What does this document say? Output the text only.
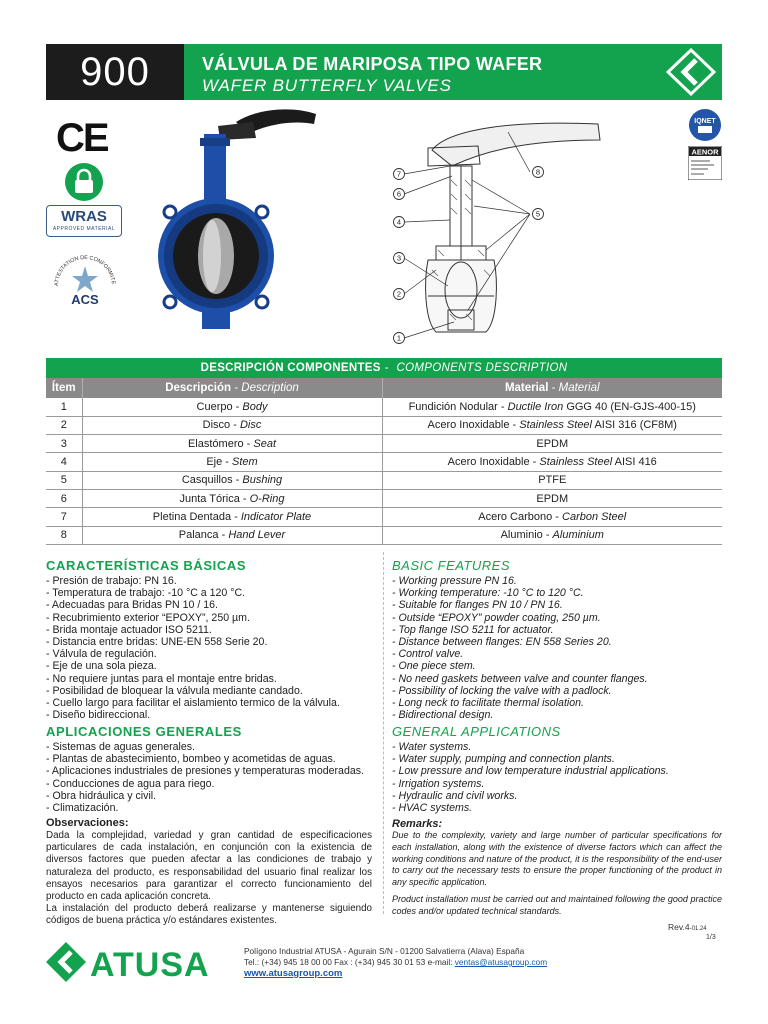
900	VÁLVULA DE MARIPOSA TIPO WAFER
WAFER BUTTERFLY VALVES
CE
WRAS
APPROVED MATERIAL
ATTESTATION DE CONFORMITE
ACS
IQNET
AENOR
7
6
4
3
2
1
5
8
DESCRIPCIÓN COMPONENTES - COMPONENTS DESCRIPTION
Ítem	Descripción - Description	Material - Material
1	Cuerpo - Body	Fundición Nodular - Ductile Iron GGG 40 (EN-GJS-400-15)
2	Disco - Disc	Acero Inoxidable - Stainless Steel AISI 316 (CF8M)
3	Elastómero - Seat	EPDM
4	Eje - Stem	Acero Inoxidable - Stainless Steel AISI 416
5	Casquillos - Bushing	PTFE
6	Junta Tórica - O-Ring	EPDM
7	Pletina Dentada - Indicator Plate	Acero Carbono - Carbon Steel
8	Palanca - Hand Lever	Aluminio - Aluminium
CARACTERÍSTICAS BÁSICAS
- Presión de trabajo: PN 16.
- Temperatura de trabajo: -10 °C a 120 °C.
- Adecuadas para Bridas PN 10 / 16.
- Recubrimiento exterior “EPOXY”, 250 µm.
- Brida montaje actuador ISO 5211.
- Distancia entre bridas: UNE-EN 558 Serie 20.
- Válvula de regulación.
- Eje de una sola pieza.
- No requiere juntas para el montaje entre bridas.
- Posibilidad de bloquear la válvula mediante candado.
- Cuello largo para facilitar el aislamiento termico de la válvula.
- Diseño bidireccional.
APLICACIONES GENERALES
- Sistemas de aguas generales.
- Plantas de abastecimiento, bombeo y acometidas de aguas.
- Aplicaciones industriales de presiones y temperaturas moderadas.
- Conducciones de agua para riego.
- Obra hidráulica y civil.
- Climatización.
Observaciones:

Dada la complejidad, variedad y gran cantidad de especificaciones particulares de cada instalación, en conjunción con la existencia de diversos factores que pueden afectar a las condiciones de trabajo y naturaleza del producto, es responsabilidad del usuario final realizar los ensayos necesarios para garantizar el correcto funcionamiento del producto en cada aplicación concreta.

La instalación del producto deberá realizarse y mantenerse siguiendo códigos de buena práctica y/o estándares existentes.

BASIC FEATURES
- Working pressure PN 16.
- Working temperature: -10 °C to 120 °C.
- Suitable for flanges PN 10 / PN 16.
- Outside “EPOXY” powder coating, 250 µm.
- Top flange ISO 5211 for actuator.
- Distance between flanges: EN 558 Series 20.
- Control valve.
- One piece stem.
- No need gaskets between valve and counter flanges.
- Possibility of locking the valve with a padlock.
- Long neck to facilitate thermal isolation.
- Bidirectional design.
GENERAL APPLICATIONS
- Water systems.
- Water supply, pumping and connection plants.
- Low pressure and low temperature industrial applications.
- Irrigation systems.
- Hydraulic and civil works.
- HVAC systems.
Remarks:

Due to the complexity, variety and large number of particular specifications for each installation, along with the existence of diverse factors which can affect the working conditions and nature of the product, it is the responsibility of the end-user to carry out the necessary tests to ensure the proper functioning of the product in any specific application.

Product installation must be carried out and maintained following the good practice codes and/or updated technical standards.

Rev.4-01.24
1/3
ATUSA	Polígono Industrial ATUSA - Agurain S/N - 01200 Salvatierra (Alava) España
Tel.: (+34) 945 18 00 00 Fax : (+34) 945 30 01 53 e-mail: ventas@atusagroup.com
www.atusagroup.com
